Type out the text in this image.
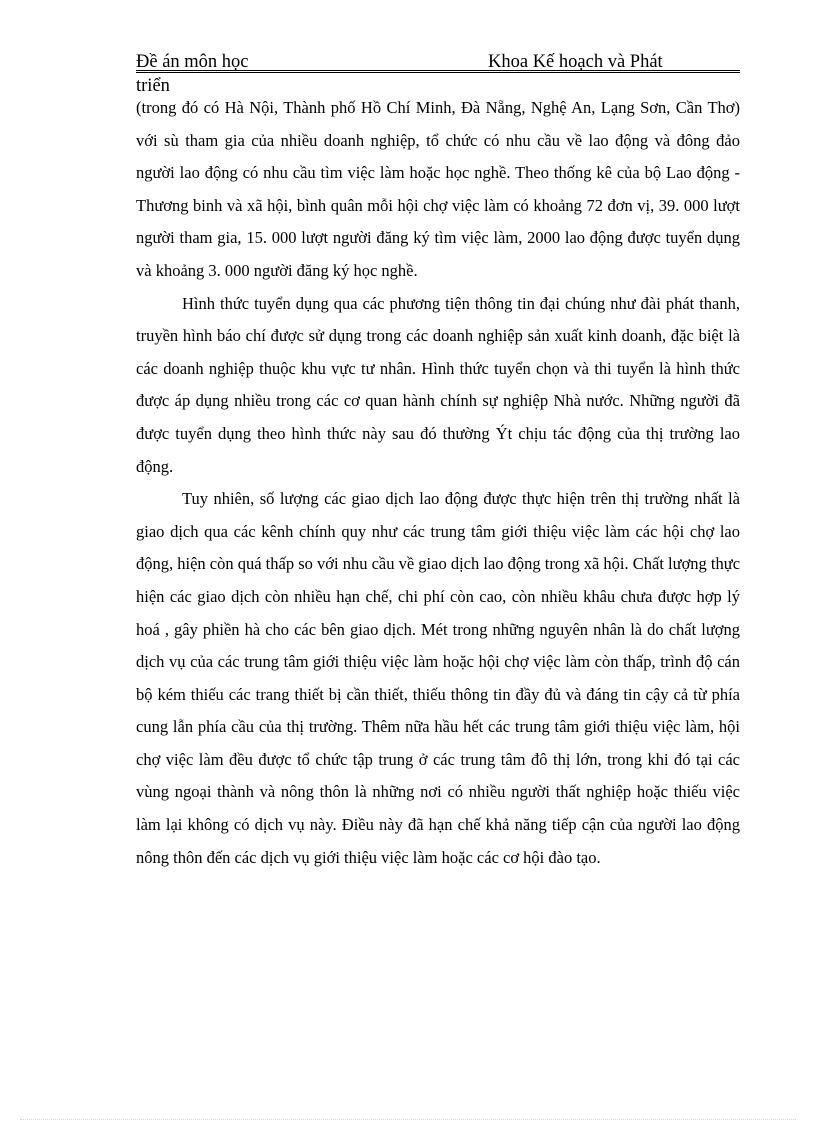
Đề án môn học	Khoa Kế hoạch và Phát
triển

(trong đó có Hà Nội, Thành phố Hồ Chí Minh, Đà Nẵng, Nghệ An, Lạng Sơn, Cần Thơ) với sù tham gia của nhiều doanh nghiệp, tổ chức có nhu cầu về lao động và đông đảo người lao động có nhu cầu tìm việc làm hoặc học nghề. Theo thống kê của bộ Lao động - Thương binh và xã hội, bình quân mỗi hội chợ việc làm có khoảng 72 đơn vị, 39. 000 lượt người tham gia, 15. 000 lượt người đăng ký tìm việc làm, 2000 lao động được tuyển dụng và khoảng 3. 000 người đăng ký học nghề.

Hình thức tuyển dụng qua các phương tiện thông tin đại chúng như đài phát thanh, truyền hình báo chí được sử dụng trong các doanh nghiệp sản xuất kinh doanh, đặc biệt là các doanh nghiệp thuộc khu vực tư nhân. Hình thức tuyển chọn và thi tuyển là hình thức được áp dụng nhiều trong các cơ quan hành chính sự nghiệp Nhà nước. Những người đã được tuyển dụng theo hình thức này sau đó thường Ýt chịu tác động của thị trường lao động.

Tuy nhiên, số lượng các giao dịch lao động được thực hiện trên thị trường nhất là giao dịch qua các kênh chính quy như các trung tâm giới thiệu việc làm các hội chợ lao động, hiện còn quá thấp so với nhu cầu về giao dịch lao động trong xã hội. Chất lượng thực hiện các giao dịch còn nhiều hạn chế, chi phí còn cao, còn nhiều khâu chưa được hợp lý hoá , gây phiền hà cho các bên giao dịch. Mét trong những nguyên nhân là do chất lượng dịch vụ của các trung tâm giới thiệu việc làm hoặc hội chợ việc làm còn thấp, trình độ cán bộ kém thiếu các trang thiết bị cần thiết, thiếu thông tin đầy đủ và đáng tin cậy cả từ phía cung lẫn phía cầu của thị trường. Thêm nữa hầu hết các trung tâm giới thiệu việc làm, hội chợ việc làm đều được tổ chức tập trung ở các trung tâm đô thị lớn, trong khi đó tại các vùng ngoại thành và nông thôn là những nơi có nhiều người thất nghiệp hoặc thiếu việc làm lại không có dịch vụ này. Điều này đã hạn chế khả năng tiếp cận của người lao động nông thôn đến các dịch vụ giới thiệu việc làm hoặc các cơ hội đào tạo.
